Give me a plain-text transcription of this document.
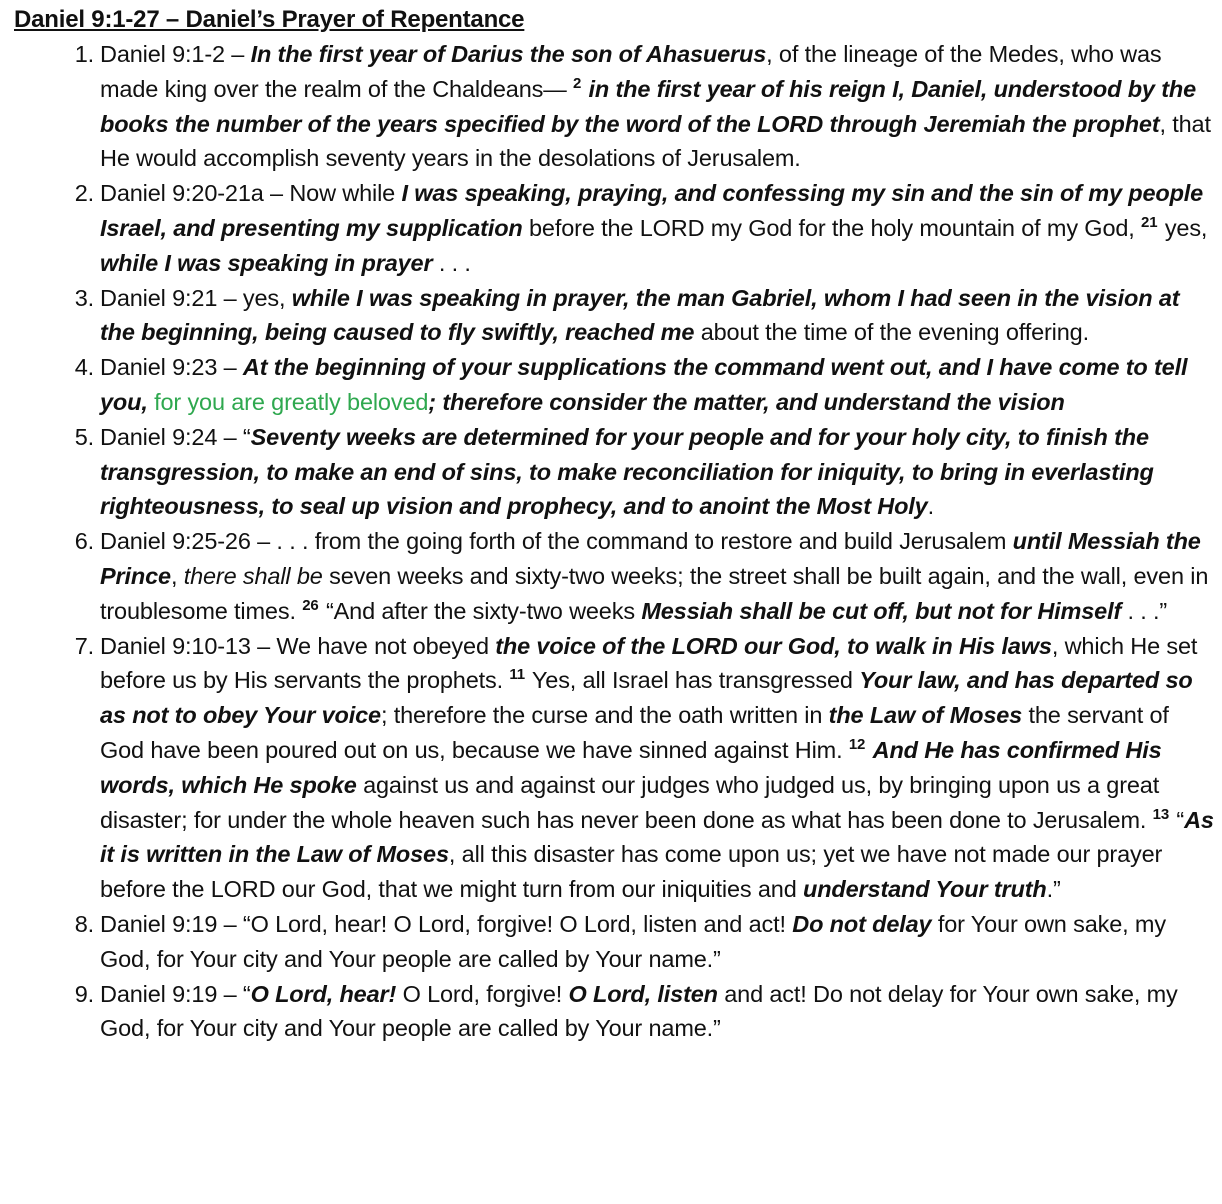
Daniel 9:1-27 – Daniel’s Prayer of Repentance
1. Daniel 9:1-2 – In the first year of Darius the son of Ahasuerus, of the lineage of the Medes, who was made king over the realm of the Chaldeans— $^2$ in the first year of his reign I, Daniel, understood by the books the number of the years specified by the word of the LORD through Jeremiah the prophet, that He would accomplish seventy years in the desolations of Jerusalem.
2. Daniel 9:20-21a – Now while I was speaking, praying, and confessing my sin and the sin of my people Israel, and presenting my supplication before the LORD my God for the holy mountain of my God, $^{21}$ yes, while I was speaking in prayer . . .
3. Daniel 9:21 – yes, while I was speaking in prayer, the man Gabriel, whom I had seen in the vision at the beginning, being caused to fly swiftly, reached me about the time of the evening offering.
4. Daniel 9:23 – At the beginning of your supplications the command went out, and I have come to tell you, for you are greatly beloved; therefore consider the matter, and understand the vision
5. Daniel 9:24 – “Seventy weeks are determined for your people and for your holy city, to finish the transgression, to make an end of sins, to make reconciliation for iniquity, to bring in everlasting righteousness, to seal up vision and prophecy, and to anoint the Most Holy.
6. Daniel 9:25-26 – . . . from the going forth of the command to restore and build Jerusalem until Messiah the Prince, there shall be seven weeks and sixty-two weeks; the street shall be built again, and the wall, even in troublesome times. $^{26}$ “And after the sixty-two weeks Messiah shall be cut off, but not for Himself . . .”
7. Daniel 9:10-13 – We have not obeyed the voice of the LORD our God, to walk in His laws, which He set before us by His servants the prophets. $^{11}$ Yes, all Israel has transgressed Your law, and has departed so as not to obey Your voice; therefore the curse and the oath written in the Law of Moses the servant of God have been poured out on us, because we have sinned against Him. $^{12}$ And He has confirmed His words, which He spoke against us and against our judges who judged us, by bringing upon us a great disaster; for under the whole heaven such has never been done as what has been done to Jerusalem. $^{13}$ “As it is written in the Law of Moses, all this disaster has come upon us; yet we have not made our prayer before the LORD our God, that we might turn from our iniquities and understand Your truth.”
8. Daniel 9:19 – “O Lord, hear! O Lord, forgive! O Lord, listen and act! Do not delay for Your own sake, my God, for Your city and Your people are called by Your name.”
9. Daniel 9:19 – “O Lord, hear! O Lord, forgive! O Lord, listen and act! Do not delay for Your own sake, my God, for Your city and Your people are called by Your name.”
